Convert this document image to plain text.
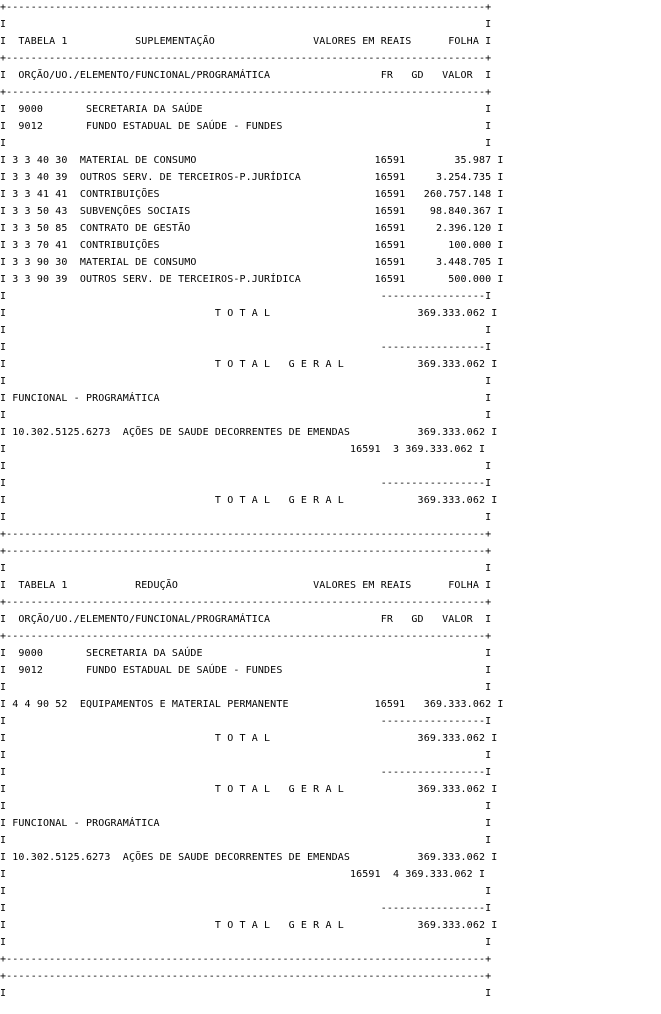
+------------------------------------------------------------------------------+
I                                                                              I
I  TABELA 1           SUPLEMENTAÇÃO                VALORES EM REAIS      FOLHA I
+------------------------------------------------------------------------------+
I  ORÇÃO/UO./ELEMENTO/FUNCIONAL/PROGRAMÁTICA                  FR   GD   VALOR  I
+------------------------------------------------------------------------------+
I  9000       SECRETARIA DA SAÚDE                                              I
I  9012       FUNDO ESTADUAL DE SAÚDE - FUNDES                                 I
I                                                                              I
I 3 3 40 30  MATERIAL DE CONSUMO                             16591        35.987 I
I 3 3 40 39  OUTROS SERV. DE TERCEIROS-P.JURÍDICA            16591     3.254.735 I
I 3 3 41 41  CONTRIBUIÇÕES                                   16591   260.757.148 I
I 3 3 50 43  SUBVENÇÕES SOCIAIS                              16591    98.840.367 I
I 3 3 50 85  CONTRATO DE GESTÃO                              16591     2.396.120 I
I 3 3 70 41  CONTRIBUIÇÕES                                   16591       100.000 I
I 3 3 90 30  MATERIAL DE CONSUMO                             16591     3.448.705 I
I 3 3 90 39  OUTROS SERV. DE TERCEIROS-P.JURÍDICA            16591       500.000 I
I                                                             -----------------I
I                                  T O T A L                        369.333.062 I
I                                                                              I
I                                                             -----------------I
I                                  T O T A L   G E R A L            369.333.062 I
I                                                                              I
I FUNCIONAL - PROGRAMÁTICA                                                     I
I                                                                              I
I 10.302.5125.6273  AÇÕES DE SAUDE DECORRENTES DE EMENDAS           369.333.062 I
I                                                        16591  3 369.333.062 I
I                                                                              I
I                                                             -----------------I
I                                  T O T A L   G E R A L            369.333.062 I
I                                                                              I
+------------------------------------------------------------------------------+
+------------------------------------------------------------------------------+
I                                                                              I
I  TABELA 1           REDUÇÃO                      VALORES EM REAIS      FOLHA I
+------------------------------------------------------------------------------+
I  ORÇÃO/UO./ELEMENTO/FUNCIONAL/PROGRAMÁTICA                  FR   GD   VALOR  I
+------------------------------------------------------------------------------+
I  9000       SECRETARIA DA SAÚDE                                              I
I  9012       FUNDO ESTADUAL DE SAÚDE - FUNDES                                 I
I                                                                              I
I 4 4 90 52  EQUIPAMENTOS E MATERIAL PERMANENTE              16591   369.333.062 I
I                                                             -----------------I
I                                  T O T A L                        369.333.062 I
I                                                                              I
I                                                             -----------------I
I                                  T O T A L   G E R A L            369.333.062 I
I                                                                              I
I FUNCIONAL - PROGRAMÁTICA                                                     I
I                                                                              I
I 10.302.5125.6273  AÇÕES DE SAUDE DECORRENTES DE EMENDAS           369.333.062 I
I                                                        16591  4 369.333.062 I
I                                                                              I
I                                                             -----------------I
I                                  T O T A L   G E R A L            369.333.062 I
I                                                                              I
+------------------------------------------------------------------------------+
+------------------------------------------------------------------------------+
I                                                                              I
